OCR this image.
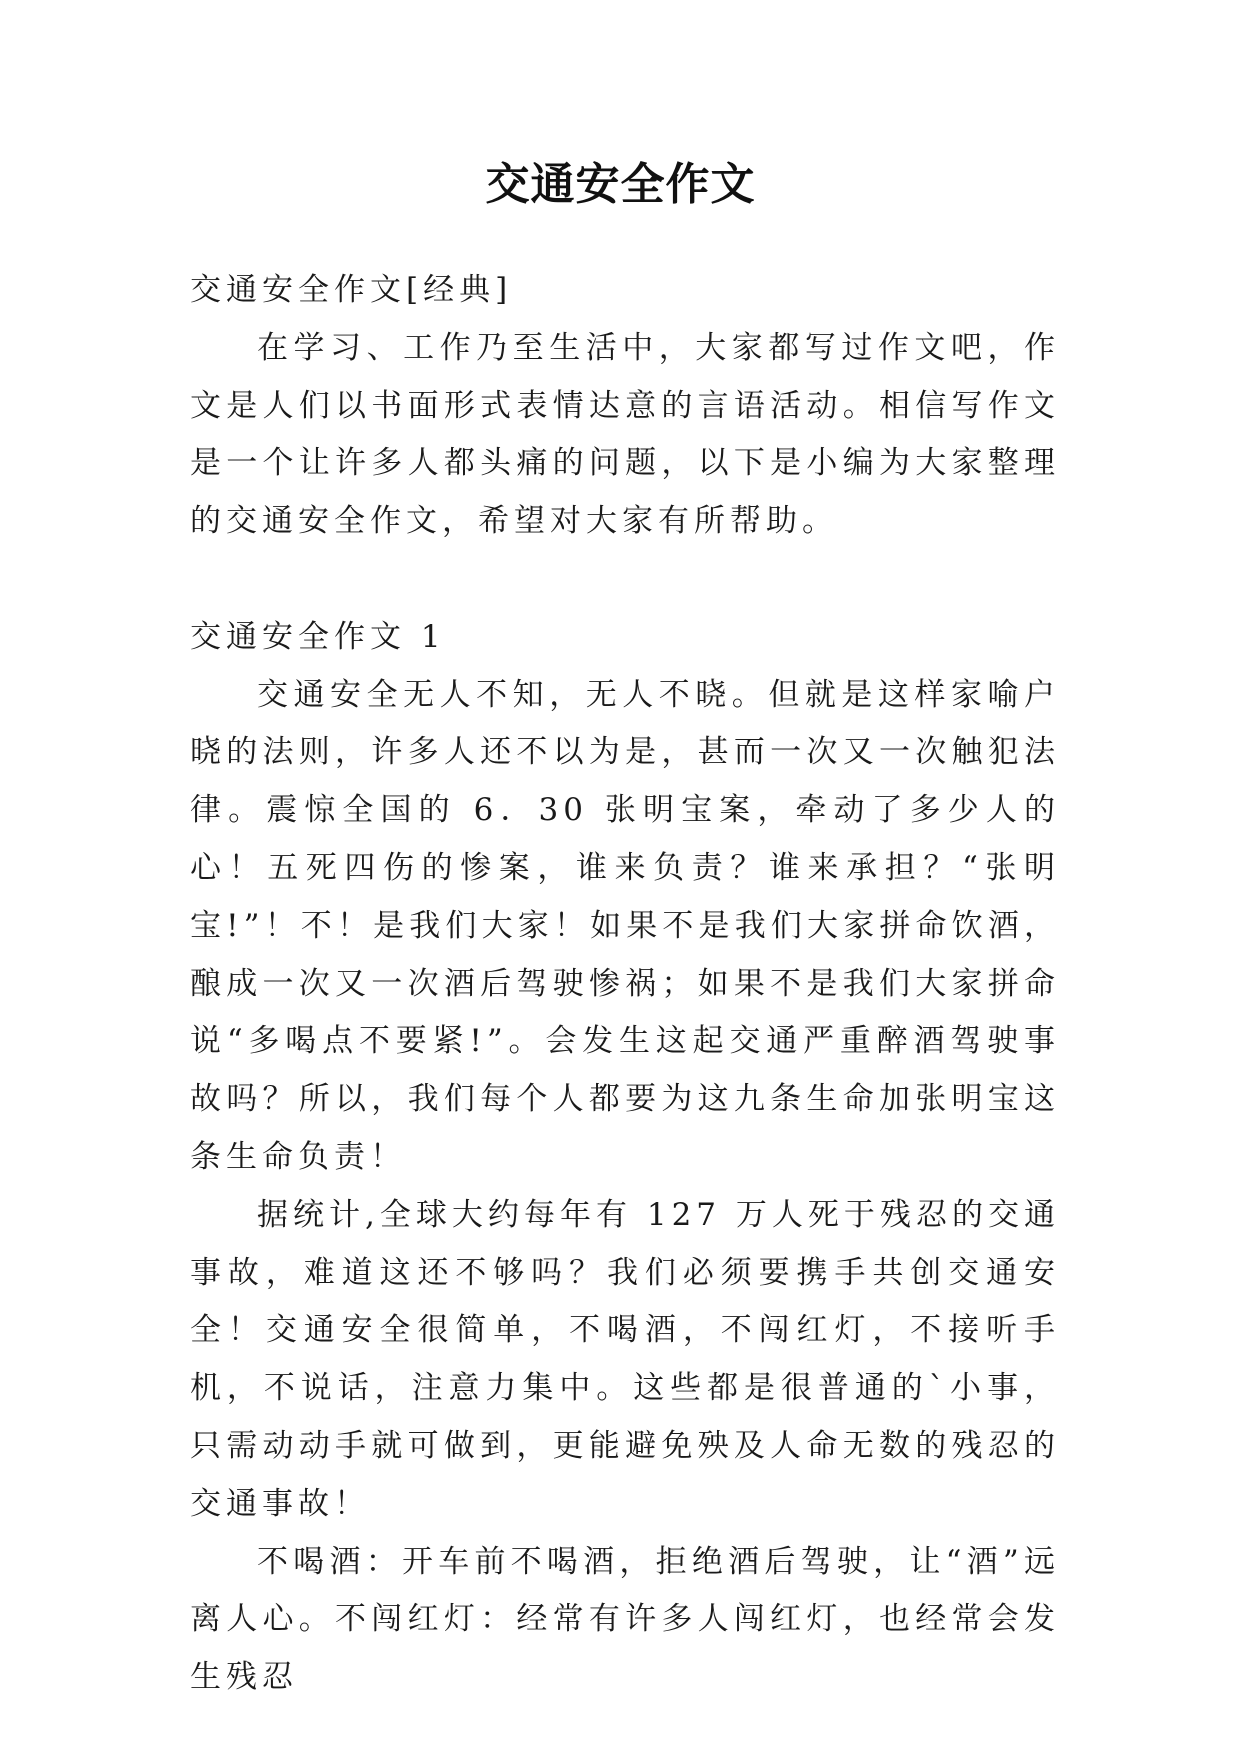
交通安全作文

交通安全作文[经典]

在学习、工作乃至生活中，大家都写过作文吧，作文是人们以书面形式表情达意的言语活动。相信写作文是一个让许多人都头痛的问题，以下是小编为大家整理的交通安全作文，希望对大家有所帮助。

交通安全作文 1

交通安全无人不知，无人不晓。但就是这样家喻户晓的法则，许多人还不以为是，甚而一次又一次触犯法律。震惊全国的 6．30 张明宝案，牵动了多少人的心！五死四伤的惨案，谁来负责？谁来承担？“张明宝!”！不！是我们大家！如果不是我们大家拼命饮酒，酿成一次又一次酒后驾驶惨祸；如果不是我们大家拼命说“多喝点不要紧!”。会发生这起交通严重醉酒驾驶事故吗？所以，我们每个人都要为这九条生命加张明宝这条生命负责！

据统计,全球大约每年有 127 万人死于残忍的交通事故，难道这还不够吗？我们必须要携手共创交通安全！交通安全很简单，不喝酒，不闯红灯，不接听手机，不说话，注意力集中。这些都是很普通的`小事，只需动动手就可做到，更能避免殃及人命无数的残忍的交通事故！

不喝酒：开车前不喝酒，拒绝酒后驾驶，让“酒”远离人心。不闯红灯：经常有许多人闯红灯，也经常会发生残忍
